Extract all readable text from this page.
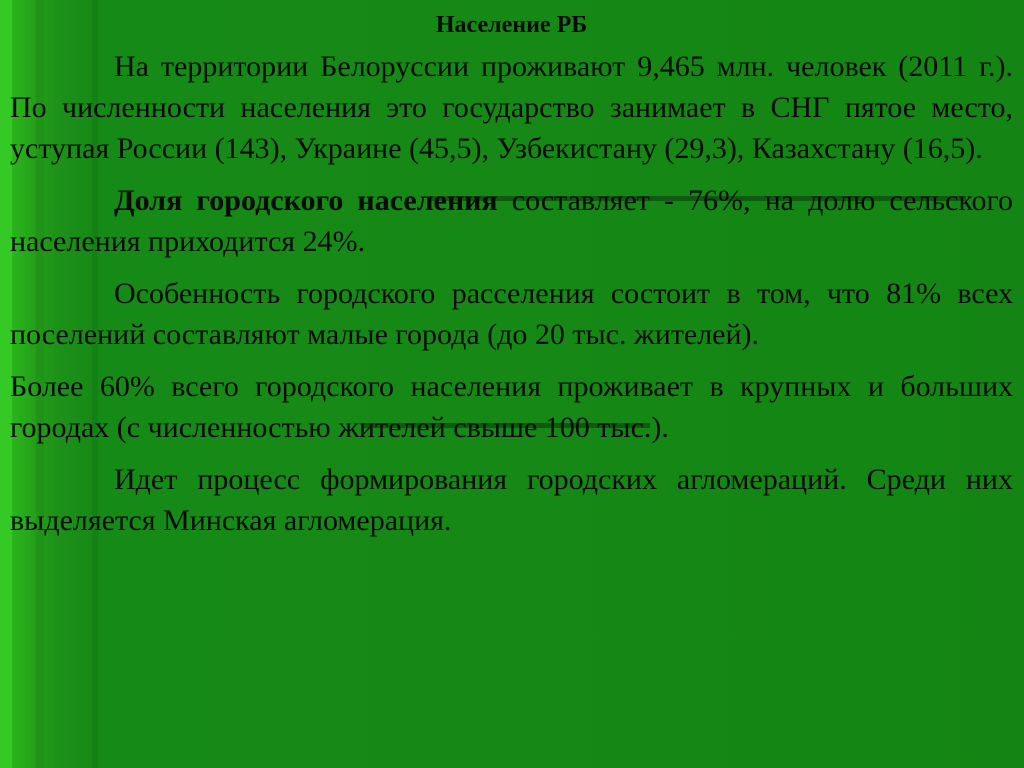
Население РБ

На территории Белоруссии проживают 9,465 млн. человек (2011 г.). По численности населения это государство занимает в СНГ пятое место, уступая России (143), Украине (45,5), Узбекистану (29,3), Казахстану (16,5).

Доля городского населения составляет - 76%, на долю сельского населения приходится 24%.

Особенность городского расселения состоит в том, что 81% всех поселений составляют малые города (до 20 тыс. жителей).

Более 60% всего городского населения проживает в крупных и больших городах (с численностью жителей свыше 100 тыс.).

Идет процесс формирования городских агломераций. Среди них выделяется Минская агломерация.
